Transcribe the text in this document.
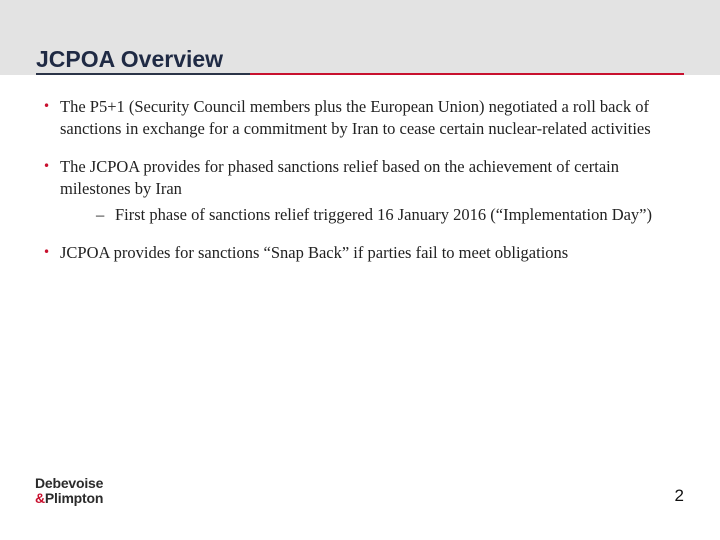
JCPOA Overview
• The P5+1 (Security Council members plus the European Union) negotiated a roll back of sanctions in exchange for a commitment by Iran to cease certain nuclear-related activities
• The JCPOA provides for phased sanctions relief based on the achievement of certain milestones by Iran
– First phase of sanctions relief triggered 16 January 2016 (“Implementation Day”)
• JCPOA provides for sanctions “Snap Back” if parties fail to meet obligations
Debevoise
&Plimpton	2
